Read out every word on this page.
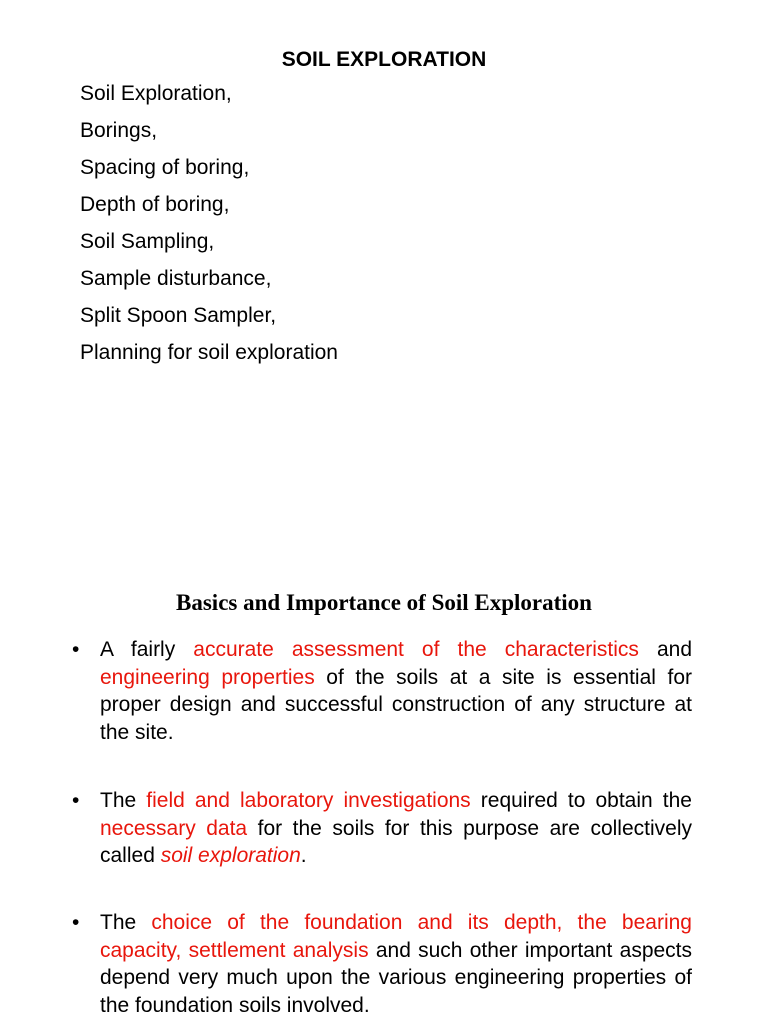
SOIL EXPLORATION
Soil Exploration,
Borings,
Spacing of boring,
Depth of boring,
Soil Sampling,
Sample disturbance,
Split Spoon Sampler,
Planning for soil exploration
Basics and Importance of Soil Exploration
• A fairly accurate assessment of the characteristics and engineering properties of the soils at a site is essential for proper design and successful construction of any structure at the site.
• The field and laboratory investigations required to obtain the necessary data for the soils for this purpose are collectively called soil exploration.
• The choice of the foundation and its depth, the bearing capacity, settlement analysis and such other important aspects depend very much upon the various engineering properties of the foundation soils involved.
